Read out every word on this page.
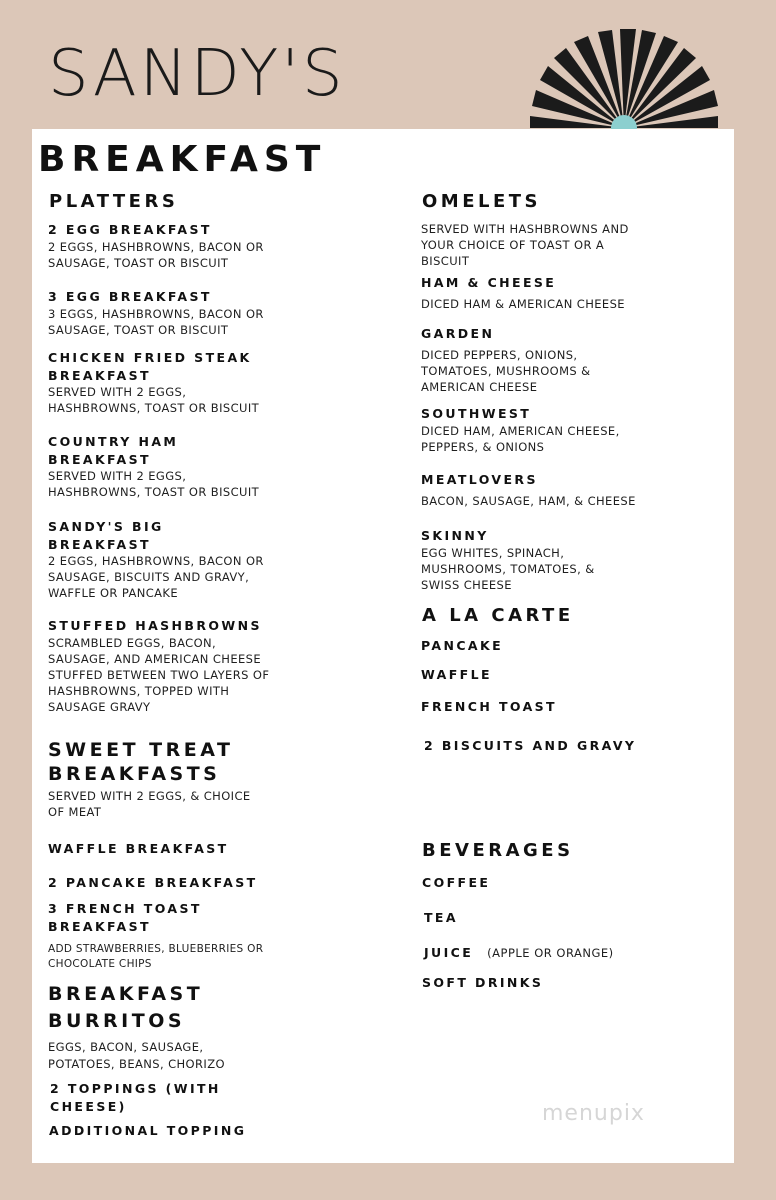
SANDY'S
BREAKFAST
PLATTERS
2 EGG BREAKFAST
2 EGGS, HASHBROWNS, BACON OR SAUSAGE, TOAST OR BISCUIT
3 EGG BREAKFAST
3 EGGS, HASHBROWNS, BACON OR SAUSAGE, TOAST OR BISCUIT
CHICKEN FRIED STEAK BREAKFAST
SERVED WITH 2 EGGS, HASHBROWNS, TOAST OR BISCUIT
COUNTRY HAM BREAKFAST
SERVED WITH 2 EGGS, HASHBROWNS, TOAST OR BISCUIT
SANDY'S BIG BREAKFAST
2 EGGS, HASHBROWNS, BACON OR SAUSAGE, BISCUITS AND GRAVY, WAFFLE OR PANCAKE
STUFFED HASHBROWNS
SCRAMBLED EGGS, BACON, SAUSAGE, AND AMERICAN CHEESE STUFFED BETWEEN TWO LAYERS OF HASHBROWNS, TOPPED WITH SAUSAGE GRAVY
SWEET TREAT BREAKFASTS
SERVED WITH 2 EGGS, & CHOICE OF MEAT
WAFFLE BREAKFAST
2 PANCAKE BREAKFAST
3 FRENCH TOAST BREAKFAST
ADD STRAWBERRIES, BLUEBERRIES OR CHOCOLATE CHIPS
BREAKFAST BURRITOS
EGGS, BACON, SAUSAGE, POTATOES, BEANS, CHORIZO
2 TOPPINGS (WITH CHEESE)
ADDITIONAL TOPPING
OMELETS
SERVED WITH HASHBROWNS AND YOUR CHOICE OF TOAST OR A BISCUIT
HAM & CHEESE
DICED HAM & AMERICAN CHEESE
GARDEN
DICED PEPPERS, ONIONS, TOMATOES, MUSHROOMS & AMERICAN CHEESE
SOUTHWEST
DICED HAM, AMERICAN CHEESE, PEPPERS, & ONIONS
MEATLOVERS
BACON, SAUSAGE, HAM, & CHEESE
SKINNY
EGG WHITES, SPINACH, MUSHROOMS, TOMATOES, & SWISS CHEESE
A LA CARTE
PANCAKE
WAFFLE
FRENCH TOAST
2 BISCUITS AND GRAVY
BEVERAGES
COFFEE
TEA
JUICE (APPLE OR ORANGE)
SOFT DRINKS
menupix
